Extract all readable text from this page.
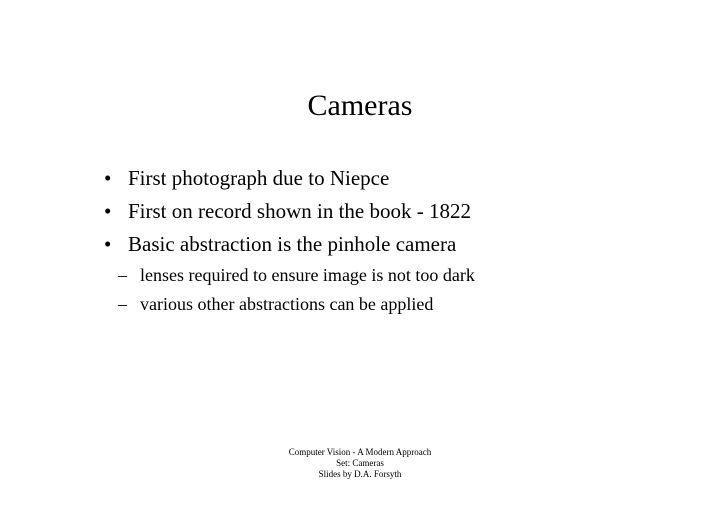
Cameras
• First photograph due to Niepce
• First on record shown in the book - 1822
• Basic abstraction is the pinhole camera
– lenses required to ensure image is not too dark
– various other abstractions can be applied
Computer Vision - A Modern Approach
Set: Cameras
Slides by D.A. Forsyth
